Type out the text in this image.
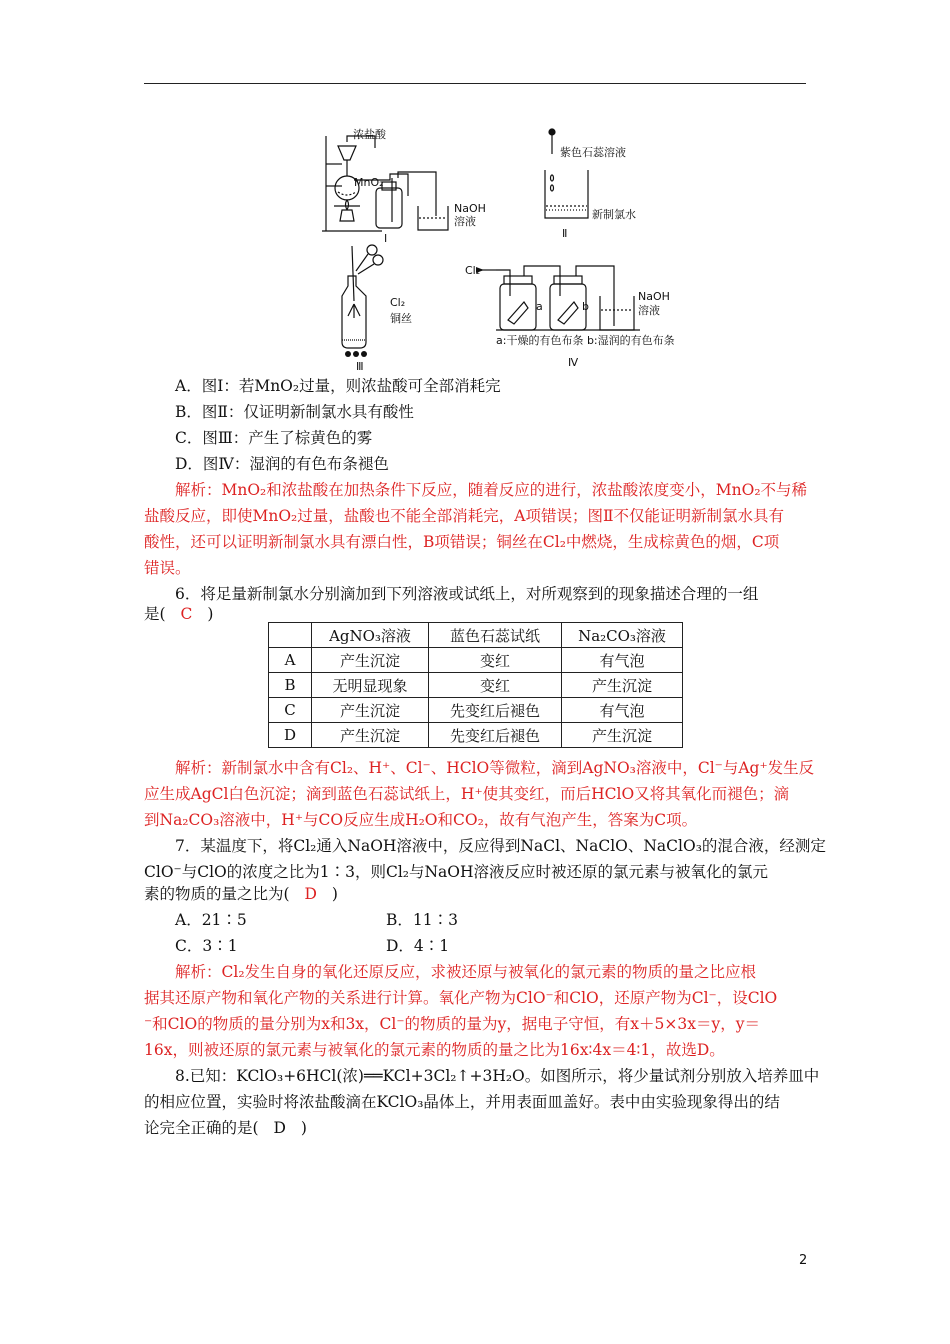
浓盐酸
MnO₂
NaOH
溶液
Ⅰ
紫色石蕊溶液
新制氯水
Ⅱ
Cl₂
铜丝
Ⅲ
Cl₂
a	b
NaOH
溶液
a:干燥的有色布条 b:湿润的有色布条
Ⅳ
A．图Ⅰ：若MnO₂过量，则浓盐酸可全部消耗完
B．图Ⅱ：仅证明新制氯水具有酸性
C．图Ⅲ：产生了棕黄色的雾
D．图Ⅳ：湿润的有色布条褪色
解析：MnO₂和浓盐酸在加热条件下反应，随着反应的进行，浓盐酸浓度变小，MnO₂不与稀
盐酸反应，即使MnO₂过量，盐酸也不能全部消耗完，A项错误；图Ⅱ不仅能证明新制氯水具有
酸性，还可以证明新制氯水具有漂白性，B项错误；铜丝在Cl₂中燃烧，生成棕黄色的烟，C项
错误。
6．将足量新制氯水分别滴加到下列溶液或试纸上，对所观察到的现象描述合理的一组
是( C )
	AgNO₃溶液	蓝色石蕊试纸	Na₂CO₃溶液
A	产生沉淀	变红	有气泡
B	无明显现象	变红	产生沉淀
C	产生沉淀	先变红后褪色	有气泡
D	产生沉淀	先变红后褪色	产生沉淀
解析：新制氯水中含有Cl₂、H⁺、Cl⁻、HClO等微粒，滴到AgNO₃溶液中，Cl⁻与Ag⁺发生反
应生成AgCl白色沉淀；滴到蓝色石蕊试纸上，H⁺使其变红，而后HClO又将其氧化而褪色；滴
到Na₂CO₃溶液中，H⁺与CO反应生成H₂O和CO₂，故有气泡产生，答案为C项。
7．某温度下，将Cl₂通入NaOH溶液中，反应得到NaCl、NaClO、NaClO₃的混合液，经测定
ClO⁻与ClO的浓度之比为1∶3，则Cl₂与NaOH溶液反应时被还原的氯元素与被氧化的氯元
素的物质的量之比为( D )
A．21∶5	B．11∶3
C．3∶1	D．4∶1
解析：Cl₂发生自身的氧化还原反应，求被还原与被氧化的氯元素的物质的量之比应根
据其还原产物和氧化产物的关系进行计算。氧化产物为ClO⁻和ClO，还原产物为Cl⁻，设ClO
⁻和ClO的物质的量分别为x和3x，Cl⁻的物质的量为y，据电子守恒，有x＋5×3x＝y，y＝
16x，则被还原的氯元素与被氧化的氯元素的物质的量之比为16x∶4x＝4∶1，故选D。
8.已知：KClO₃+6HCl(浓)══KCl+3Cl₂↑+3H₂O。如图所示，将少量试剂分别放入培养皿中
的相应位置，实验时将浓盐酸滴在KClO₃晶体上，并用表面皿盖好。表中由实验现象得出的结
论完全正确的是( D )
2
